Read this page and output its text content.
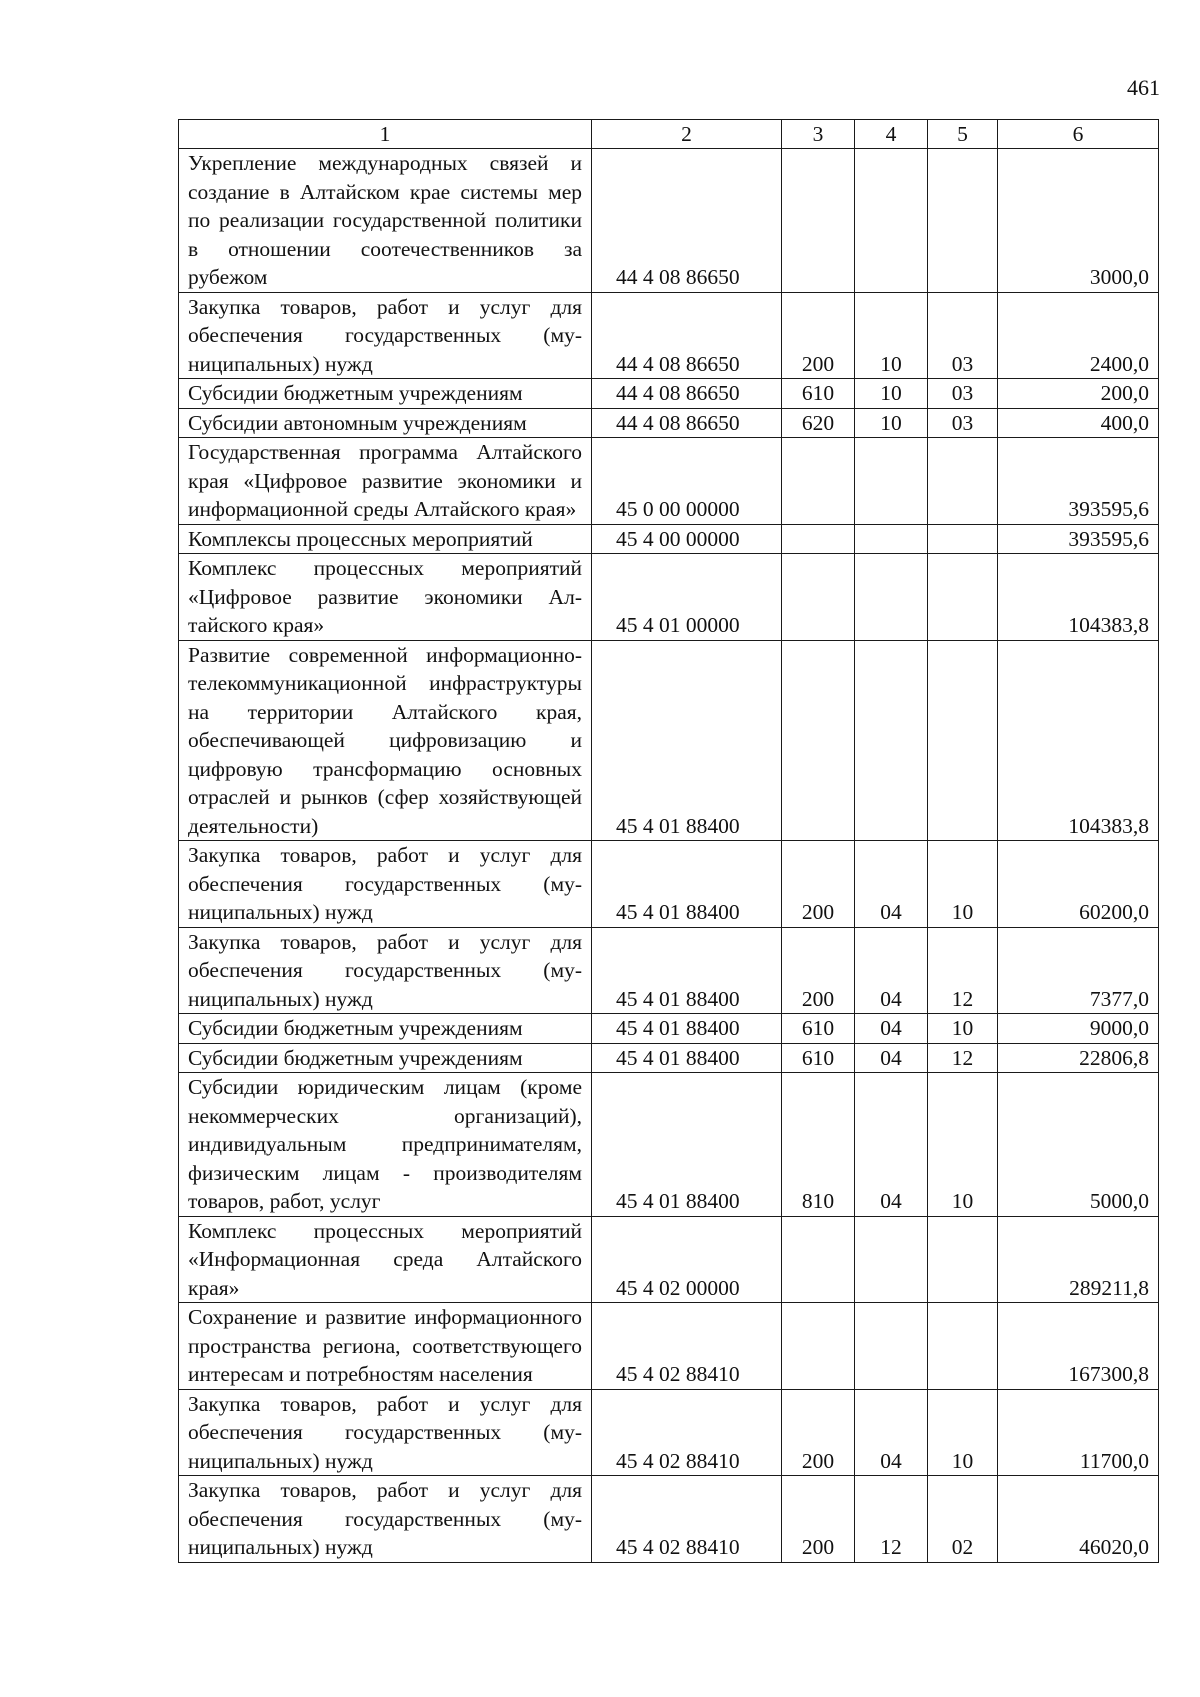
461
1	2	3	4	5	6
Укрепление международных связей и создание в Алтайском крае системы мер по реализации государственной политики в отношении соотечественников за рубежом	44 4 08 86650				3000,0
Закупка товаров, работ и услуг для обеспечения государственных (муниципальных) нужд	44 4 08 86650	200	10	03	2400,0
Субсидии бюджетным учреждениям	44 4 08 86650	610	10	03	200,0
Субсидии автономным учреждениям	44 4 08 86650	620	10	03	400,0
Государственная программа Алтайского края «Цифровое развитие экономики и информационной среды Алтайского края»	45 0 00 00000				393595,6
Комплексы процессных мероприятий	45 4 00 00000				393595,6
Комплекс процессных мероприятий «Цифровое развитие экономики Алтайского края»	45 4 01 00000				104383,8
Развитие современной информационно-телекоммуникационной инфраструктуры на территории Алтайского края, обеспечивающей цифровизацию и цифровую трансформацию основных отраслей и рынков (сфер хозяйствующей деятельности)	45 4 01 88400				104383,8
Закупка товаров, работ и услуг для обеспечения государственных (муниципальных) нужд	45 4 01 88400	200	04	10	60200,0
Закупка товаров, работ и услуг для обеспечения государственных (муниципальных) нужд	45 4 01 88400	200	04	12	7377,0
Субсидии бюджетным учреждениям	45 4 01 88400	610	04	10	9000,0
Субсидии бюджетным учреждениям	45 4 01 88400	610	04	12	22806,8
Субсидии юридическим лицам (кроме некоммерческих организаций), индивидуальным предпринимателям, физическим лицам - производителям товаров, работ, услуг	45 4 01 88400	810	04	10	5000,0
Комплекс процессных мероприятий «Информационная среда Алтайского края»	45 4 02 00000				289211,8
Сохранение и развитие информационного пространства региона, соответствующего интересам и потребностям населения	45 4 02 88410				167300,8
Закупка товаров, работ и услуг для обеспечения государственных (муниципальных) нужд	45 4 02 88410	200	04	10	11700,0
Закупка товаров, работ и услуг для обеспечения государственных (муниципальных) нужд	45 4 02 88410	200	12	02	46020,0
